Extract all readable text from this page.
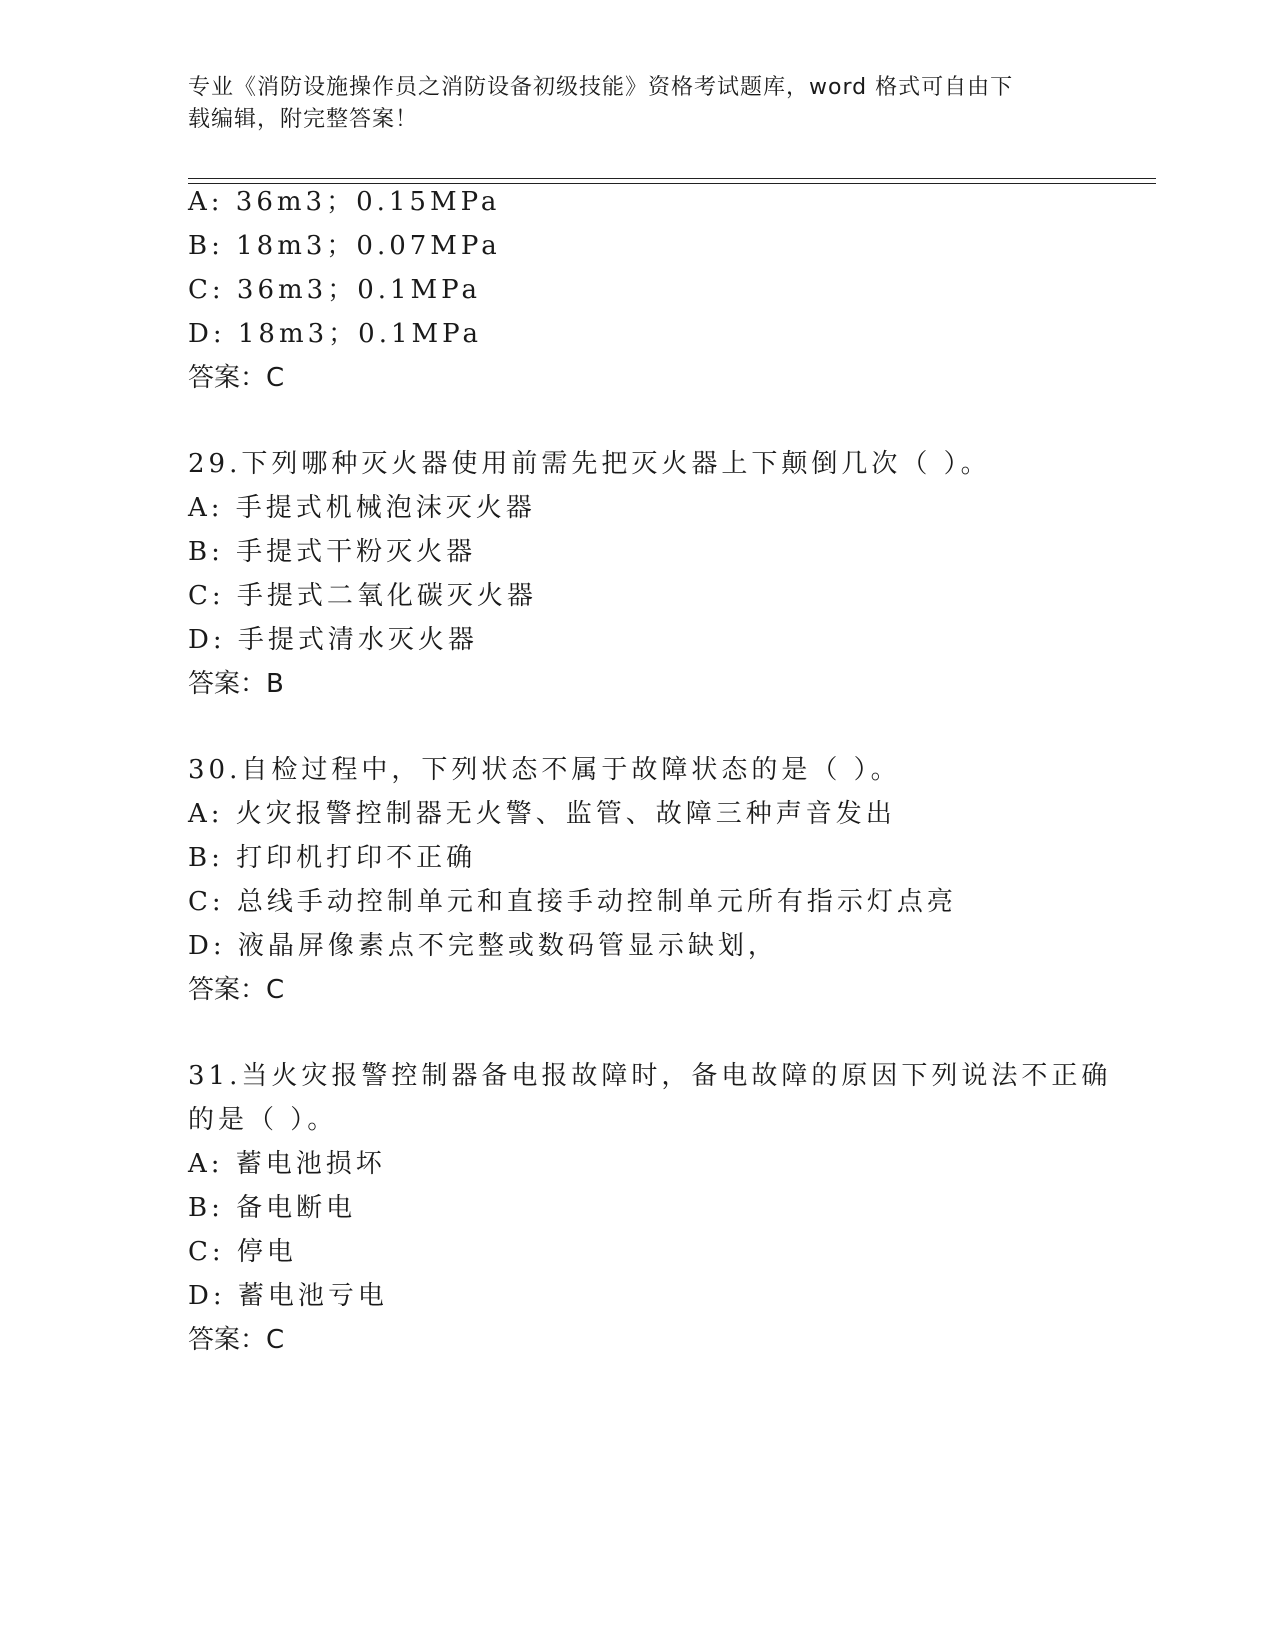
专业《消防设施操作员之消防设备初级技能》资格考试题库，word 格式可自由下
载编辑，附完整答案！
A: 36m3；0.15MPa
B: 18m3；0.07MPa
C: 36m3；0.1MPa
D: 18m3；0.1MPa
答案：C
29.下列哪种灭火器使用前需先把灭火器上下颠倒几次（ ）。
A: 手提式机械泡沫灭火器
B: 手提式干粉灭火器
C: 手提式二氧化碳灭火器
D: 手提式清水灭火器
答案：B
30.自检过程中，下列状态不属于故障状态的是（ ）。
A: 火灾报警控制器无火警、监管、故障三种声音发出
B: 打印机打印不正确
C: 总线手动控制单元和直接手动控制单元所有指示灯点亮
D: 液晶屏像素点不完整或数码管显示缺划，
答案：C
31.当火灾报警控制器备电报故障时，备电故障的原因下列说法不正确
的是（ ）。
A: 蓄电池损坏
B: 备电断电
C: 停电
D: 蓄电池亏电
答案：C
